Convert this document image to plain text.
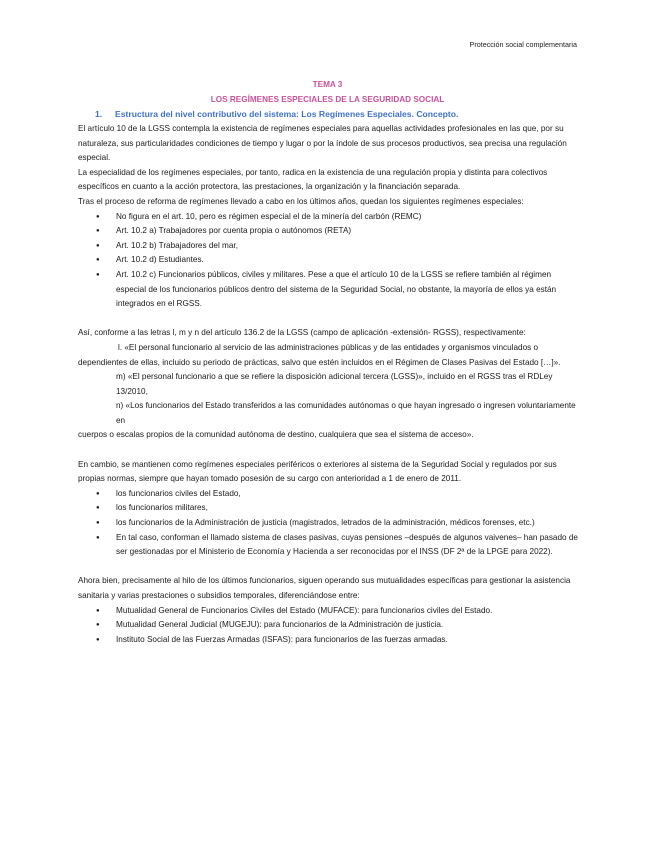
Protección social complementaria
TEMA 3
LOS REGÍMENES ESPECIALES DE LA SEGURIDAD SOCIAL
1. Estructura del nivel contributivo del sistema: Los Regímenes Especiales. Concepto.

El artículo 10 de la LGSS contempla la existencia de regímenes especiales para aquellas actividades profesionales en las que, por su naturaleza, sus particularidades condiciones de tiempo y lugar o por la índole de sus procesos productivos, sea precisa una regulación especial.

La especialidad de los regímenes especiales, por tanto, radica en la existencia de una regulación propia y distinta para colectivos específicos en cuanto a la acción protectora, las prestaciones, la organización y la financiación separada.

Tras el proceso de reforma de regímenes llevado a cabo en los últimos años, quedan los siguientes regímenes especiales:

● No figura en el art. 10, pero es régimen especial el de la minería del carbón (REMC)
● Art. 10.2 a) Trabajadores por cuenta propia o autónomos (RETA)
● Art. 10.2 b) Trabajadores del mar,
● Art. 10.2 d) Estudiantes.
● Art. 10.2 c) Funcionarios públicos, civiles y militares. Pese a que el artículo 10 de la LGSS se refiere también al régimen especial de los funcionarios públicos dentro del sistema de la Seguridad Social, no obstante, la mayoría de ellos ya están integrados en el RGSS.

Así, conforme a las letras l, m y n del artículo 136.2 de la LGSS (campo de aplicación -extensión- RGSS), respectivamente:

l. «El personal funcionario al servicio de las administraciones públicas y de las entidades y organismos vinculados o dependientes de ellas, incluido su periodo de prácticas, salvo que estén incluidos en el Régimen de Clases Pasivas del Estado […]».

m) «El personal funcionario a que se refiere la disposición adicional tercera (LGSS)», incluido en el RGSS tras el RDLey 13/2010,

n) «Los funcionarios del Estado transferidos a las comunidades autónomas o que hayan ingresado o ingresen voluntariamente en

cuerpos o escalas propios de la comunidad autónoma de destino, cualquiera que sea el sistema de acceso».

En cambio, se mantienen como regímenes especiales periféricos o exteriores al sistema de la Seguridad Social y regulados por sus propias normas, siempre que hayan tomado posesión de su cargo con anterioridad a 1 de enero de 2011.

● los funcionarios civiles del Estado,
● los funcionarios militares,
● los funcionarios de la Administración de justicia (magistrados, letrados de la administración, médicos forenses, etc.)
● En tal caso, conforman el llamado sistema de clases pasivas, cuyas pensiones –después de algunos vaivenes– han pasado de ser gestionadas por el Ministerio de Economía y Hacienda a ser reconocidas por el INSS (DF 2ª de la LPGE para 2022).

Ahora bien, precisamente al hilo de los últimos funcionarios, siguen operando sus mutualidades específicas para gestionar la asistencia sanitaria y varias prestaciones o subsidios temporales, diferenciándose entre:

● Mutualidad General de Funcionarios Civiles del Estado (MUFACE): para funcionarios civiles del Estado.
● Mutualidad General Judicial (MUGEJU): para funcionarios de la Administración de justicia.
● Instituto Social de las Fuerzas Armadas (ISFAS): para funcionarios de las fuerzas armadas.
